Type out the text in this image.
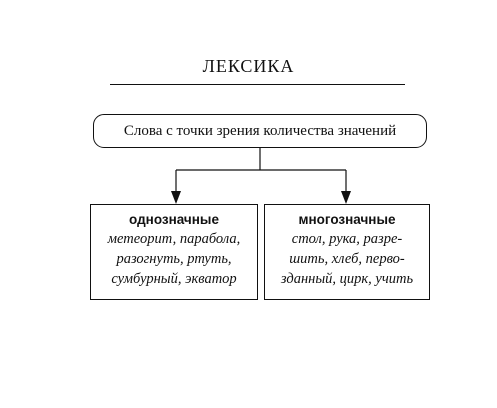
ЛЕКСИКА
Слова с точки зрения количества значений
однозначные
метеорит, парабола,
разогнуть, ртуть,
сумбурный, экватор
многозначные
стол, рука, разре-
шить, хлеб, перво-
зданный, цирк, учить
